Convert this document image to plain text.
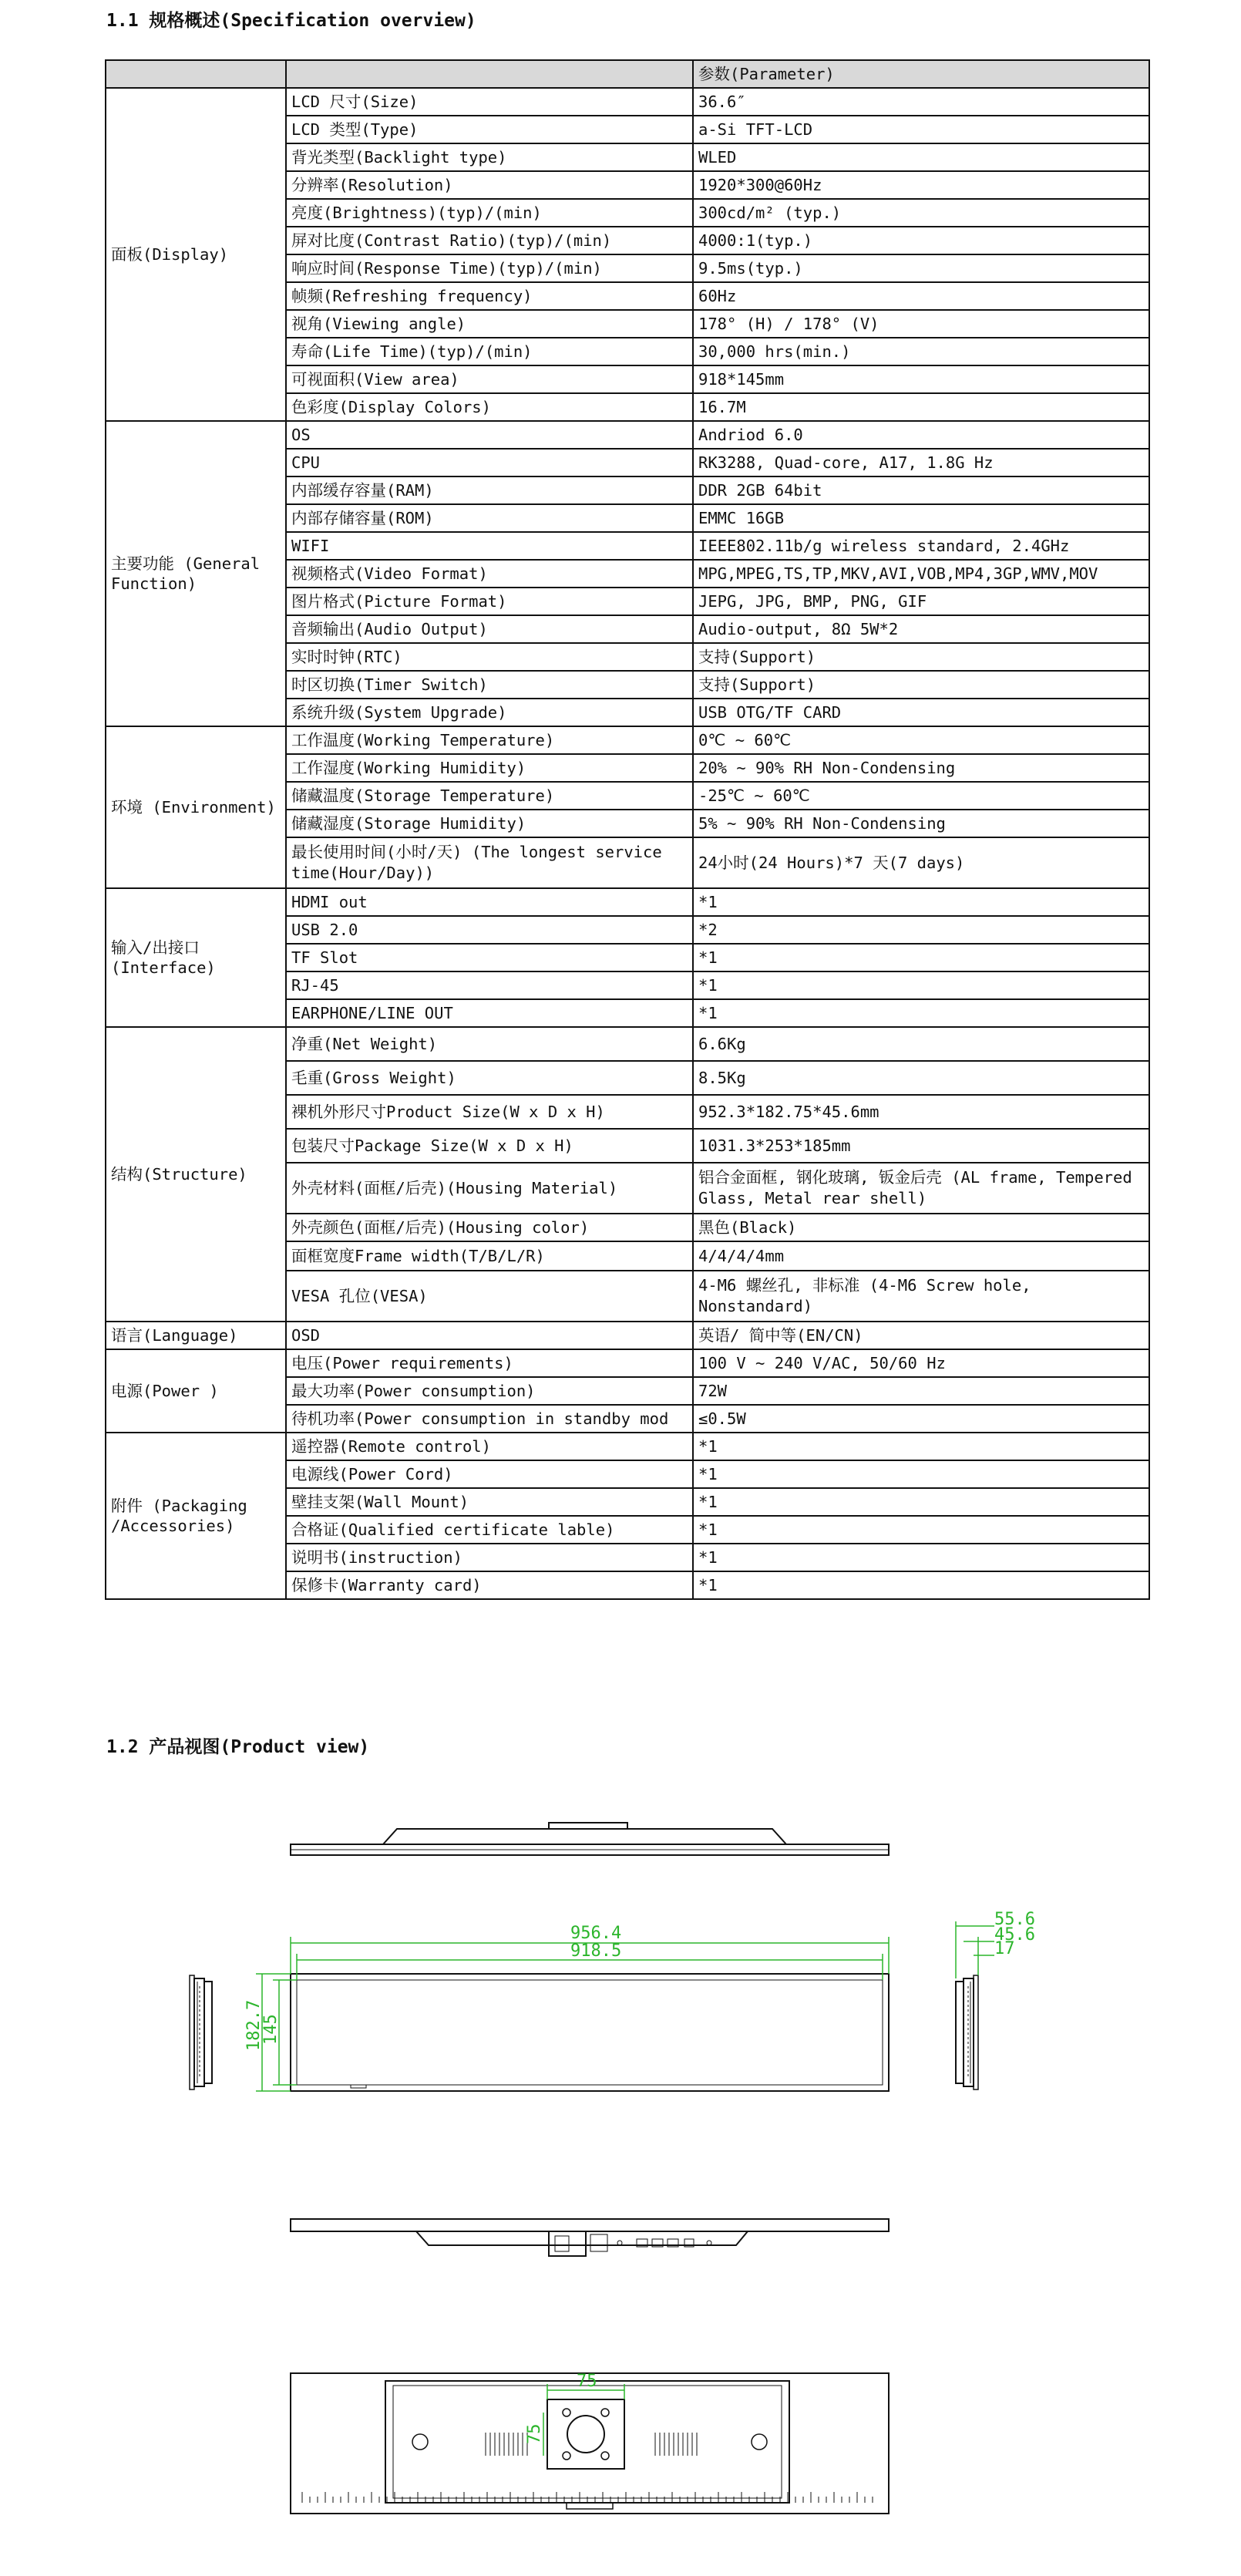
1.1 规格概述(Specification overview)
		参数(Parameter)
面板(Display)	LCD 尺寸(Size)	36.6″
	LCD 类型(Type)	a-Si TFT-LCD
	背光类型(Backlight type)	WLED
	分辨率(Resolution)	1920*300@60Hz
	亮度(Brightness)(typ)/(min)	300cd/m² (typ.)
	屏对比度(Contrast Ratio)(typ)/(min)	4000:1(typ.)
	响应时间(Response Time)(typ)/(min)	9.5ms(typ.)
	帧频(Refreshing frequency)	60Hz
	视角(Viewing angle)	178° (H) / 178° (V)
	寿命(Life Time)(typ)/(min)	30,000 hrs(min.)
	可视面积(View area)	918*145mm
	色彩度(Display Colors)	16.7M
主要功能 (General Function)	OS	Andriod 6.0
	CPU	RK3288, Quad-core, A17, 1.8G Hz
	内部缓存容量(RAM)	DDR 2GB 64bit
	内部存储容量(ROM)	EMMC 16GB
	WIFI	IEEE802.11b/g wireless standard, 2.4GHz
	视频格式(Video Format)	MPG,MPEG,TS,TP,MKV,AVI,VOB,MP4,3GP,WMV,MOV
	图片格式(Picture Format)	JEPG, JPG, BMP, PNG, GIF
	音频输出(Audio Output)	Audio-output, 8Ω 5W*2
	实时时钟(RTC)	支持(Support)
	时区切换(Timer Switch)	支持(Support)
	系统升级(System Upgrade)	USB OTG/TF CARD
环境 (Environment)	工作温度(Working Temperature)	0℃ ~ 60℃
	工作湿度(Working Humidity)	20% ~ 90% RH Non-Condensing
	储藏温度(Storage Temperature)	-25℃ ~ 60℃
	储藏湿度(Storage Humidity)	5% ~ 90% RH Non-Condensing
	最长使用时间(小时/天) (The longest service time(Hour/Day))	24小时(24 Hours)*7 天(7 days)
输入/出接口 (Interface)	HDMI out	*1
	USB 2.0	*2
	TF Slot	*1
	RJ-45	*1
	EARPHONE/LINE OUT	*1
结构(Structure)	净重(Net Weight)	6.6Kg
	毛重(Gross Weight)	8.5Kg
	裸机外形尺寸Product Size(W x D x H)	952.3*182.75*45.6mm
	包装尺寸Package Size(W x D x H)	1031.3*253*185mm
	外壳材料(面框/后壳)(Housing Material)	铝合金面框, 钢化玻璃, 钣金后壳 (AL frame, Tempered Glass, Metal rear shell)
	外壳颜色(面框/后壳)(Housing color)	黑色(Black)
	面框宽度Frame width(T/B/L/R)	4/4/4/4mm
	VESA 孔位(VESA)	4-M6 螺丝孔, 非标准 (4-M6 Screw hole, Nonstandard)
语言(Language)	OSD	英语/ 简中等(EN/CN)
电源(Power )	电压(Power requirements)	100 V ~ 240 V/AC, 50/60 Hz
	最大功率(Power consumption)	72W
	待机功率(Power consumption in standby mod	≤0.5W
附件 (Packaging /Accessories)	遥控器(Remote control)	*1
	电源线(Power Cord)	*1
	壁挂支架(Wall Mount)	*1
	合格证(Qualified certificate lable)	*1
	说明书(instruction)	*1
	保修卡(Warranty card)	*1
1.2 产品视图(Product view)
956.4
918.5
182.7
145
55.6
45.6
17
75
75
